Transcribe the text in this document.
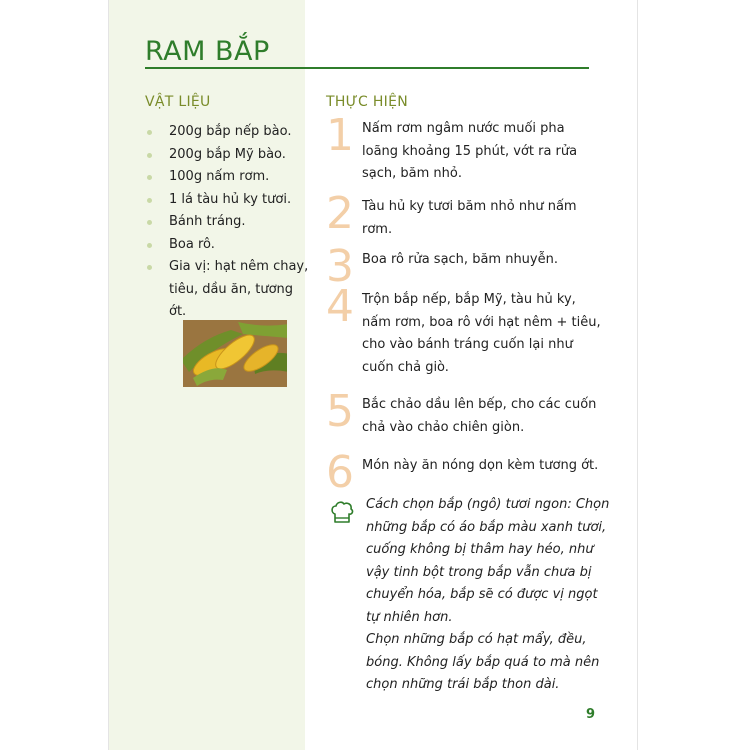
RAM BẮP
VẬT LIỆU	THỰC HIỆN
200g bắp nếp bào.
200g bắp Mỹ bào.
100g nấm rơm.
1 lá tàu hủ ky tươi.
Bánh tráng.
Boa rô.
Gia vị: hạt nêm chay, tiêu, dầu ăn, tương ớt.
1 Nấm rơm ngâm nước muối pha loãng khoảng 15 phút, vớt ra rửa sạch, băm nhỏ.
2 Tàu hủ ky tươi băm nhỏ như nấm rơm.
3 Boa rô rửa sạch, băm nhuyễn.
4 Trộn bắp nếp, bắp Mỹ, tàu hủ ky, nấm rơm, boa rô với hạt nêm + tiêu, cho vào bánh tráng cuốn lại như cuốn chả giò.
5 Bắc chảo dầu lên bếp, cho các cuốn chả vào chảo chiên giòn.
6 Món này ăn nóng dọn kèm tương ớt.
Cách chọn bắp (ngô) tươi ngon: Chọn những bắp có áo bắp màu xanh tươi, cuống không bị thâm hay héo, như vậy tinh bột trong bắp vẫn chưa bị chuyển hóa, bắp sẽ có được vị ngọt tự nhiên hơn.
Chọn những bắp có hạt mẩy, đều, bóng. Không lấy bắp quá to mà nên chọn những trái bắp thon dài.
9
